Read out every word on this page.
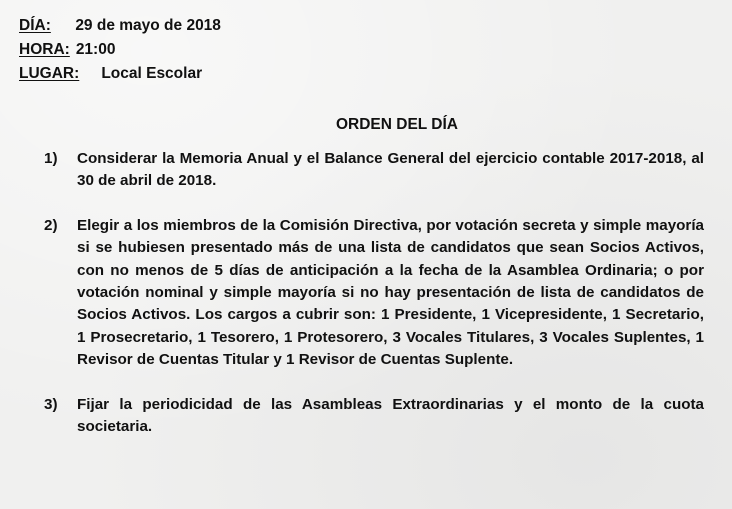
DÍA: 29 de mayo de 2018
HORA: 21:00
LUGAR: Local Escolar
ORDEN DEL DÍA
1) Considerar la Memoria Anual y el Balance General del ejercicio contable 2017-2018, al 30 de abril de 2018.
2) Elegir a los miembros de la Comisión Directiva, por votación secreta y simple mayoría si se hubiesen presentado más de una lista de candidatos que sean Socios Activos, con no menos de 5 días de anticipación a la fecha de la Asamblea Ordinaria; o por votación nominal y simple mayoría si no hay presentación de lista de candidatos de Socios Activos. Los cargos a cubrir son: 1 Presidente, 1 Vicepresidente, 1 Secretario, 1 Prosecretario, 1 Tesorero, 1 Protesorero, 3 Vocales Titulares, 3 Vocales Suplentes, 1 Revisor de Cuentas Titular y 1 Revisor de Cuentas Suplente.
3) Fijar la periodicidad de las Asambleas Extraordinarias y el monto de la cuota societaria.
